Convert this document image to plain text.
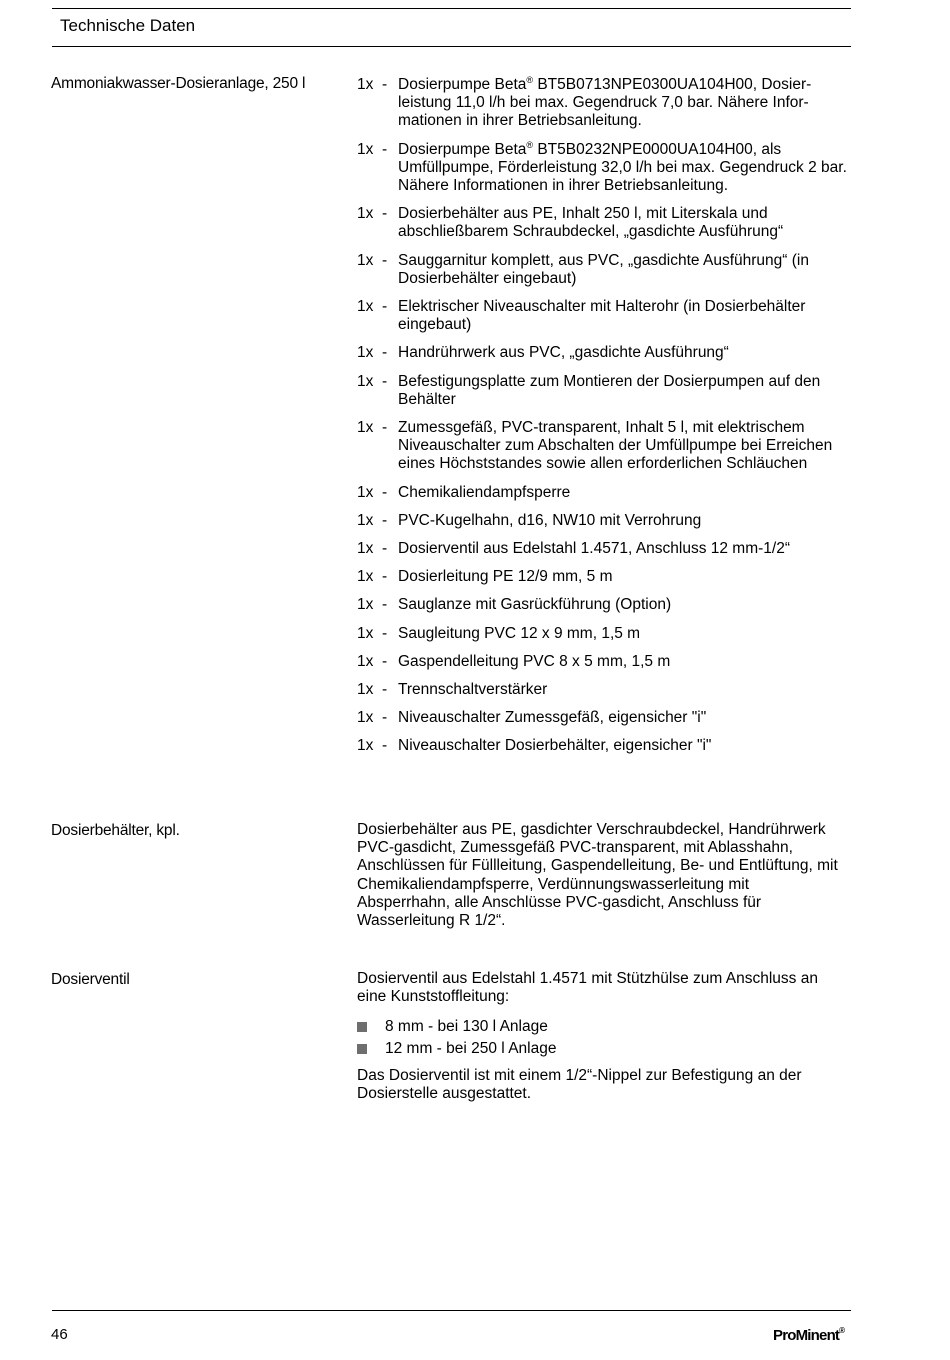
Technische Daten
Ammoniakwasser-Dosieranlage, 250 l	1x - Dosierpumpe Beta® BT5B0713NPE0300UA104H00, Dosierleistung 11,0 l/h bei max. Gegendruck 7,0 bar. Nähere Informationen in ihrer Betriebsanleitung.
1x - Dosierpumpe Beta® BT5B0232NPE0000UA104H00, als Umfüllpumpe, Förderleistung 32,0 l/h bei max. Gegendruck 2 bar. Nähere Informationen in ihrer Betriebsanleitung.
1x - Dosierbehälter aus PE, Inhalt 250 l, mit Literskala und abschließbarem Schraubdeckel, „gasdichte Ausführung“
1x - Sauggarnitur komplett, aus PVC, „gasdichte Ausführung“ (in Dosierbehälter eingebaut)
1x - Elektrischer Niveauschalter mit Halterohr (in Dosierbehälter eingebaut)
1x - Handrührwerk aus PVC, „gasdichte Ausführung“
1x - Befestigungsplatte zum Montieren der Dosierpumpen auf den Behälter
1x - Zumessgefäß, PVC-transparent, Inhalt 5 l, mit elektrischem Niveauschalter zum Abschalten der Umfüllpumpe bei Erreichen eines Höchststandes sowie allen erforderlichen Schläuchen
1x - Chemikaliendampfsperre
1x - PVC-Kugelhahn, d16, NW10 mit Verrohrung
1x - Dosierventil aus Edelstahl 1.4571, Anschluss 12 mm-1/2“
1x - Dosierleitung PE 12/9 mm, 5 m
1x - Sauglanze mit Gasrückführung (Option)
1x - Saugleitung PVC 12 x 9 mm, 1,5 m
1x - Gaspendelleitung PVC 8 x 5 mm, 1,5 m
1x - Trennschaltverstärker
1x - Niveauschalter Zumessgefäß, eigensicher "i"
1x - Niveauschalter Dosierbehälter, eigensicher "i"
Dosierbehälter, kpl.	Dosierbehälter aus PE, gasdichter Verschraubdeckel, Handrührwerk PVC-gasdicht, Zumessgefäß PVC-transparent, mit Ablasshahn, Anschlüssen für Füllleitung, Gaspendelleitung, Be- und Entlüftung, mit Chemikaliendampfsperre, Verdünnungswasserleitung mit Absperrhahn, alle Anschlüsse PVC-gasdicht, Anschluss für Wasserleitung R 1/2“.
Dosierventil	Dosierventil aus Edelstahl 1.4571 mit Stützhülse zum Anschluss an eine Kunststoffleitung:
8 mm - bei 130 l Anlage
12 mm - bei 250 l Anlage
Das Dosierventil ist mit einem 1/2“-Nippel zur Befestigung an der Dosierstelle ausgestattet.
46	ProMinent®
